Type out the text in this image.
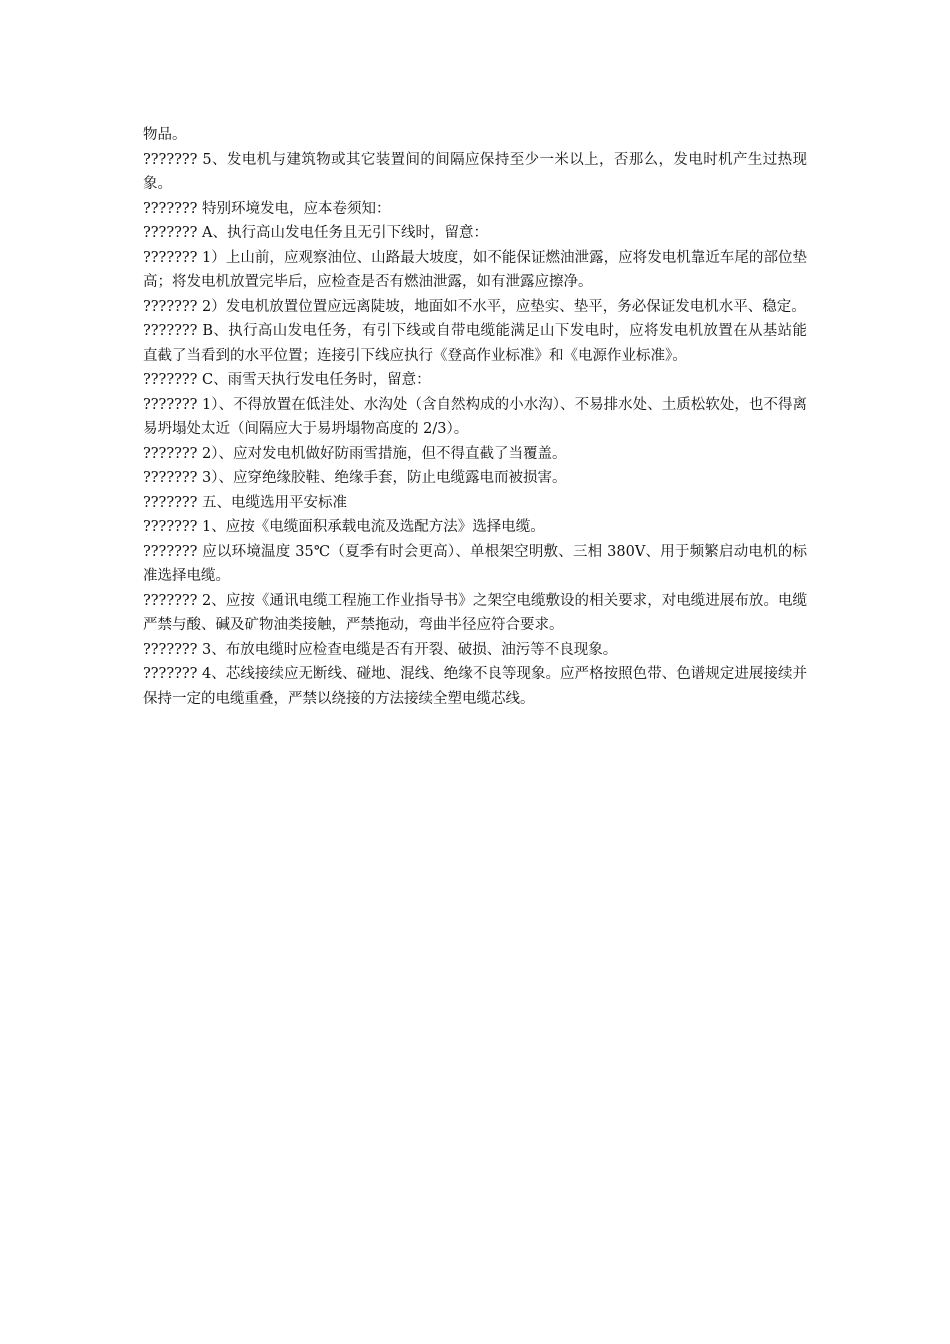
物品。

??????? 5、发电机与建筑物或其它装置间的间隔应保持至少一米以上，否那么，发电时机产生过热现象。

??????? 特别环境发电，应本卷须知：

??????? A、执行高山发电任务且无引下线时，留意：

??????? 1）上山前，应观察油位、山路最大坡度，如不能保证燃油泄露，应将发电机靠近车尾的部位垫高；将发电机放置完毕后，应检查是否有燃油泄露，如有泄露应擦净。

??????? 2）发电机放置位置应远离陡坡，地面如不水平，应垫实、垫平，务必保证发电机水平、稳定。

??????? B、执行高山发电任务，有引下线或自带电缆能满足山下发电时，应将发电机放置在从基站能直截了当看到的水平位置；连接引下线应执行《登高作业标准》和《电源作业标准》。

??????? C、雨雪天执行发电任务时，留意：

??????? 1）、不得放置在低洼处、水沟处（含自然构成的小水沟）、不易排水处、土质松软处，也不得离易坍塌处太近（间隔应大于易坍塌物高度的 2/3）。

??????? 2）、应对发电机做好防雨雪措施，但不得直截了当覆盖。

??????? 3）、应穿绝缘胶鞋、绝缘手套，防止电缆露电而被损害。

??????? 五、电缆选用平安标准

??????? 1、应按《电缆面积承载电流及选配方法》选择电缆。

??????? 应以环境温度 35℃（夏季有时会更高）、单根架空明敷、三相 380V、用于频繁启动电机的标准选择电缆。

??????? 2、应按《通讯电缆工程施工作业指导书》之架空电缆敷设的相关要求，对电缆进展布放。电缆严禁与酸、碱及矿物油类接触，严禁拖动，弯曲半径应符合要求。

??????? 3、布放电缆时应检查电缆是否有开裂、破损、油污等不良现象。

??????? 4、芯线接续应无断线、碰地、混线、绝缘不良等现象。应严格按照色带、色谱规定进展接续并保持一定的电缆重叠，严禁以绕接的方法接续全塑电缆芯线。
